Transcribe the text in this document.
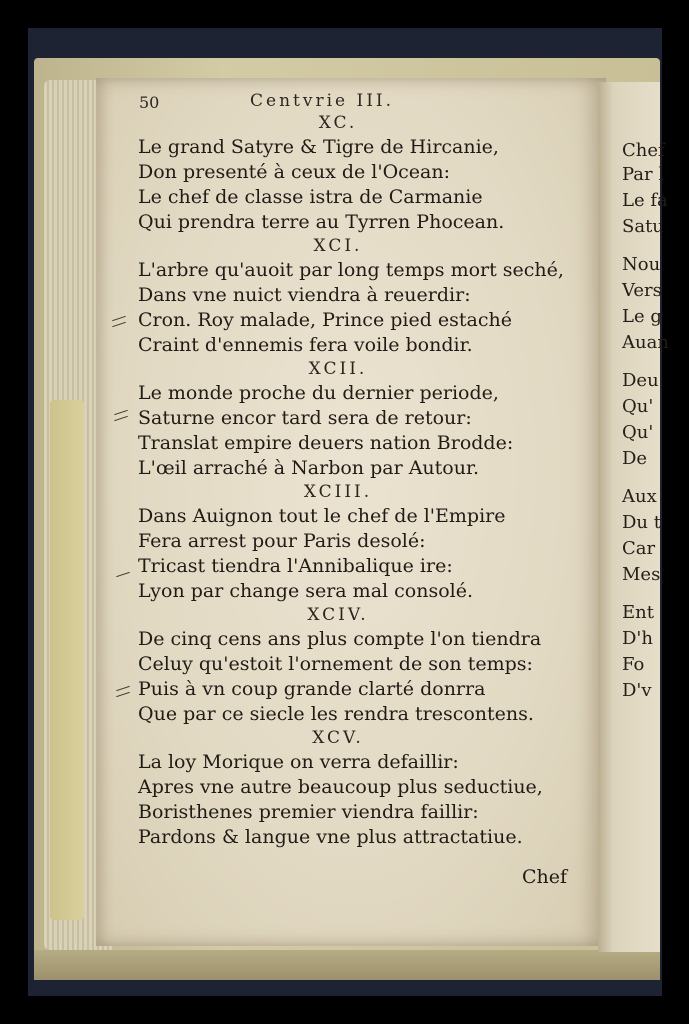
Chef
Par l
Le fa
Satu
Nou
Vers
Le g
Auan
Deu
Qu'
Qu'
De
Aux
Du t
Car
Mes
Ent
D'h
Fo
D'v
50	Centvrie III.
XC.
Le grand Satyre & Tigre de Hircanie,
Don presenté à ceux de l'Ocean:
Le chef de classe istra de Carmanie
Qui prendra terre au Tyrren Phocean.
XCI.
L'arbre qu'auoit par long temps mort seché,
Dans vne nuict viendra à reuerdir:
Cron. Roy malade, Prince pied estaché
Craint d'ennemis fera voile bondir.
XCII.
Le monde proche du dernier periode,
Saturne encor tard sera de retour:
Translat empire deuers nation Brodde:
L'œil arraché à Narbon par Autour.
XCIII.
Dans Auignon tout le chef de l'Empire
Fera arrest pour Paris desolé:
Tricast tiendra l'Annibalique ire:
Lyon par change sera mal consolé.
XCIV.
De cinq cens ans plus compte l'on tiendra
Celuy qu'estoit l'ornement de son temps:
Puis à vn coup grande clarté donrra
Que par ce siecle les rendra trescontens.
XCV.
La loy Morique on verra defaillir:
Apres vne autre beaucoup plus seductiue,
Boristhenes premier viendra faillir:
Pardons & langue vne plus attractatiue.
Chef
